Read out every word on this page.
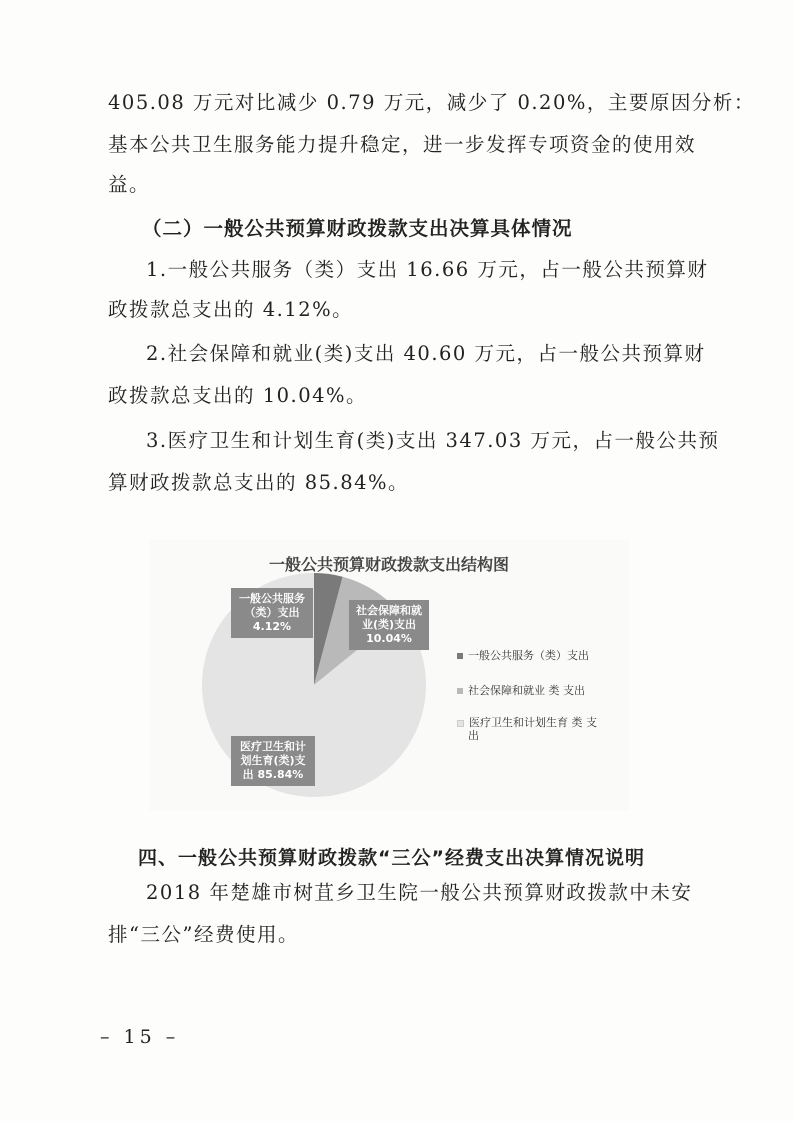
405.08 万元对比减少 0.79 万元，减少了 0.20%，主要原因分析：

基本公共卫生服务能力提升稳定，进一步发挥专项资金的使用效

益。

（二）一般公共预算财政拨款支出决算具体情况

1.一般公共服务（类）支出 16.66 万元，占一般公共预算财

政拨款总支出的 4.12%。

2.社会保障和就业(类)支出 40.60 万元，占一般公共预算财

政拨款总支出的 10.04%。

3.医疗卫生和计划生育(类)支出 347.03 万元，占一般公共预

算财政拨款总支出的 85.84%。

一般公共预算财政拨款支出结构图
一般公共服务
（类）支出
4.12%
社会保障和就
业(类)支出
10.04%
医疗卫生和计
划生育(类)支
出 85.84%
一般公共服务（类）支出
社会保障和就业 类 支出
医疗卫生和计划生育 类 支
出
四、一般公共预算财政拨款“三公”经费支出决算情况说明

2018 年楚雄市树苴乡卫生院一般公共预算财政拨款中未安

排“三公”经费使用。

– 15 –
